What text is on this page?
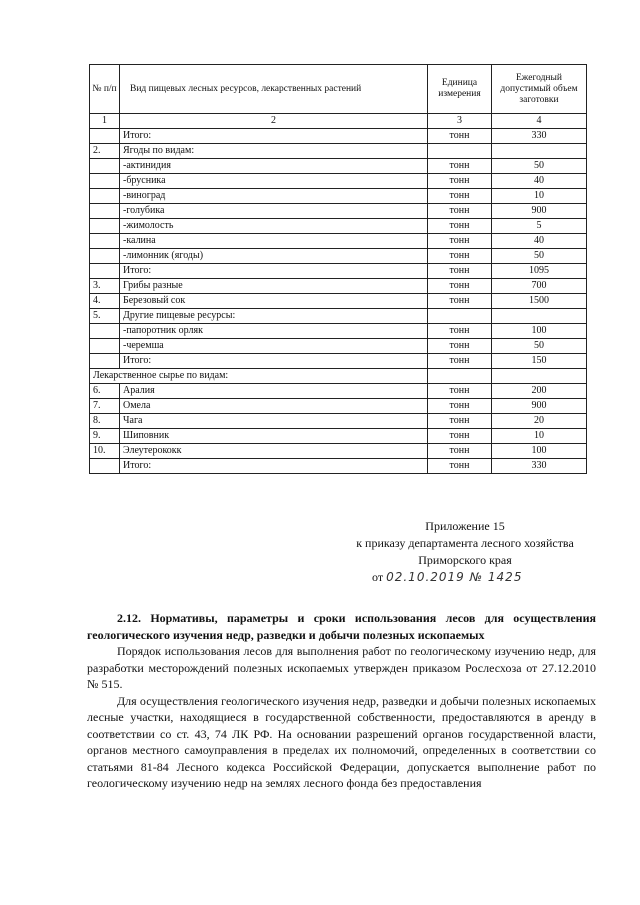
№ п/п	Вид пищевых лесных ресурсов, лекарственных растений	Единица измерения	Ежегодный допустимый объем заготовки
1	2	3	4
	Итого:	тонн	330
2.	Ягоды по видам:		
	-актинидия	тонн	50
	-брусника	тонн	40
	-виноград	тонн	10
	-голубика	тонн	900
	-жимолость	тонн	5
	-калина	тонн	40
	-лимонник (ягоды)	тонн	50
	Итого:	тонн	1095
3.	Грибы разные	тонн	700
4.	Березовый сок	тонн	1500
5.	Другие пищевые ресурсы:		
	-папоротник орляк	тонн	100
	-черемша	тонн	50
	Итого:	тонн	150
Лекарственное сырье по видам:			
6.	Аралия	тонн	200
7.	Омела	тонн	900
8.	Чага	тонн	20
9.	Шиповник	тонн	10
10.	Элеутерококк	тонн	100
	Итого:	тонн	330
Приложение 15
к приказу департамента лесного хозяйства
Приморского края
от 02.10.2019 № 1425

2.12. Нормативы, параметры и сроки использования лесов для осуществления геологического изучения недр, разведки и добычи полезных ископаемых

Порядок использования лесов для выполнения работ по геологическому изучению недр, для разработки месторождений полезных ископаемых утвержден приказом Рослесхоза от 27.12.2010 № 515.

Для осуществления геологического изучения недр, разведки и добычи полезных ископаемых лесные участки, находящиеся в государственной собственности, предоставляются в аренду в соответствии со ст. 43, 74 ЛК РФ. На основании разрешений органов государственной власти, органов местного самоуправления в пределах их полномочий, определенных в соответствии со статьями 81-84 Лесного кодекса Российской Федерации, допускается выполнение работ по геологическому изучению недр на землях лесного фонда без предоставления
